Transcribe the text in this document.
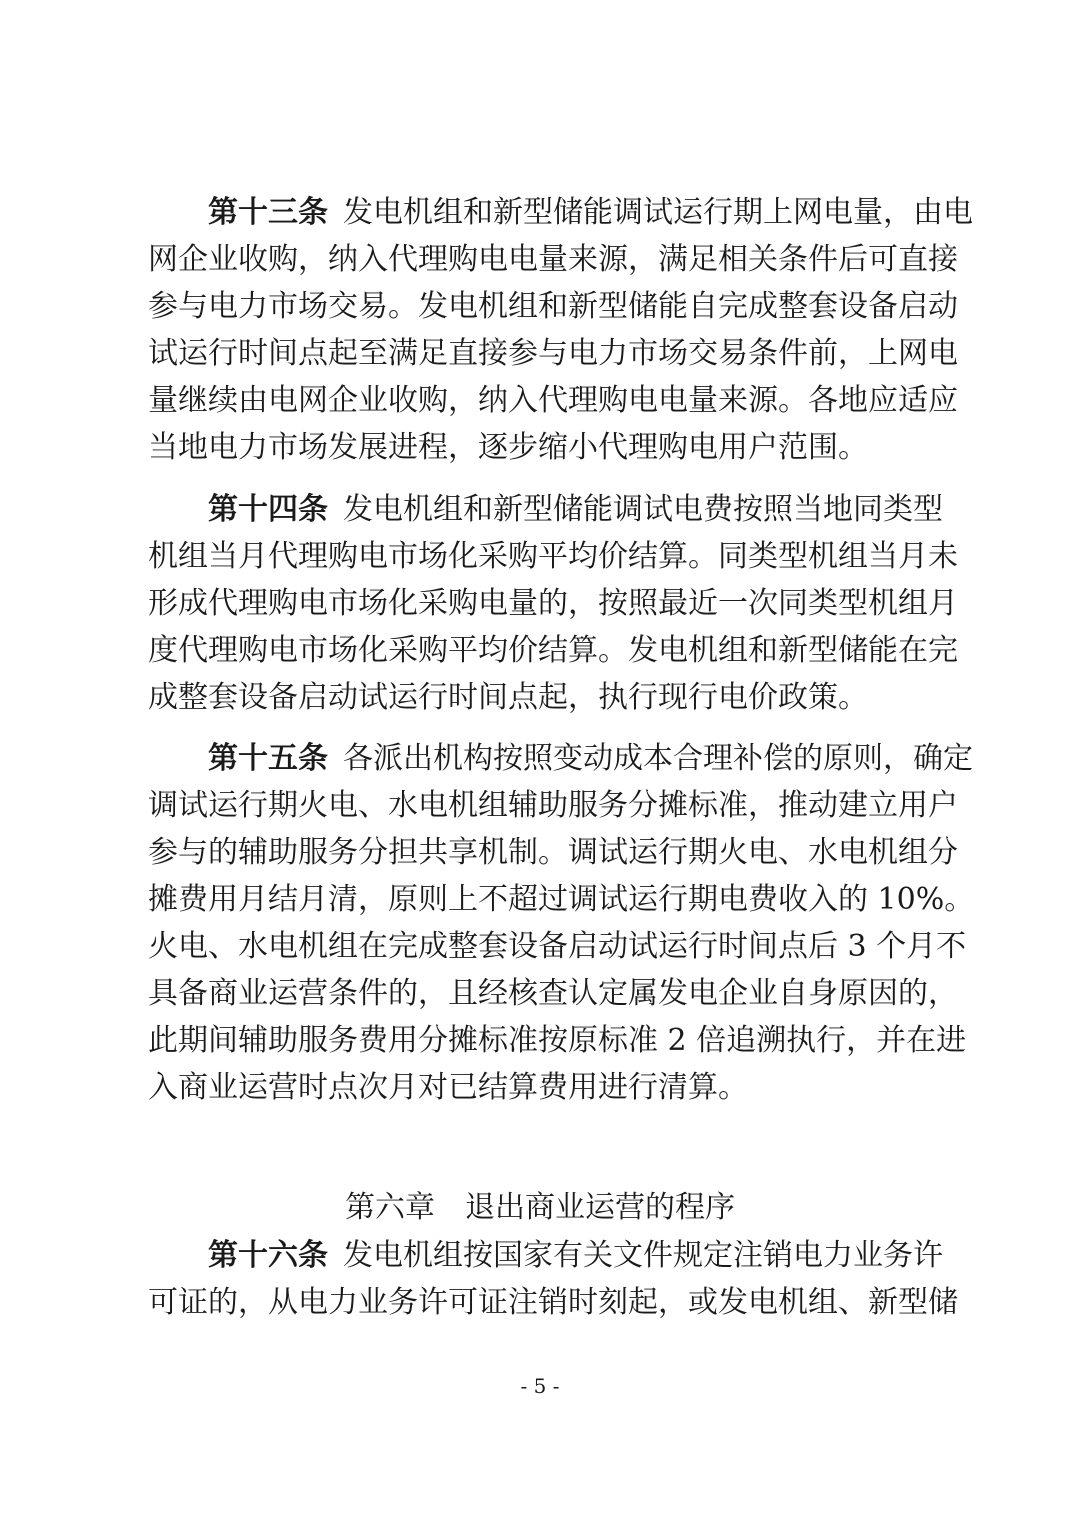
第十三条  发电机组和新型储能调试运行期上网电量，由电
网企业收购，纳入代理购电电量来源，满足相关条件后可直接
参与电力市场交易。发电机组和新型储能自完成整套设备启动
试运行时间点起至满足直接参与电力市场交易条件前，上网电
量继续由电网企业收购，纳入代理购电电量来源。各地应适应
当地电力市场发展进程，逐步缩小代理购电用户范围。
第十四条  发电机组和新型储能调试电费按照当地同类型
机组当月代理购电市场化采购平均价结算。同类型机组当月未
形成代理购电市场化采购电量的，按照最近一次同类型机组月
度代理购电市场化采购平均价结算。发电机组和新型储能在完
成整套设备启动试运行时间点起，执行现行电价政策。
第十五条  各派出机构按照变动成本合理补偿的原则，确定
调试运行期火电、水电机组辅助服务分摊标准，推动建立用户
参与的辅助服务分担共享机制。调试运行期火电、水电机组分
摊费用月结月清，原则上不超过调试运行期电费收入的 10%。
火电、水电机组在完成整套设备启动试运行时间点后 3 个月不
具备商业运营条件的，且经核查认定属发电企业自身原因的，
此期间辅助服务费用分摊标准按原标准 2 倍追溯执行，并在进
入商业运营时点次月对已结算费用进行清算。
第六章　退出商业运营的程序
第十六条  发电机组按国家有关文件规定注销电力业务许
可证的，从电力业务许可证注销时刻起，或发电机组、新型储
- 5 -
